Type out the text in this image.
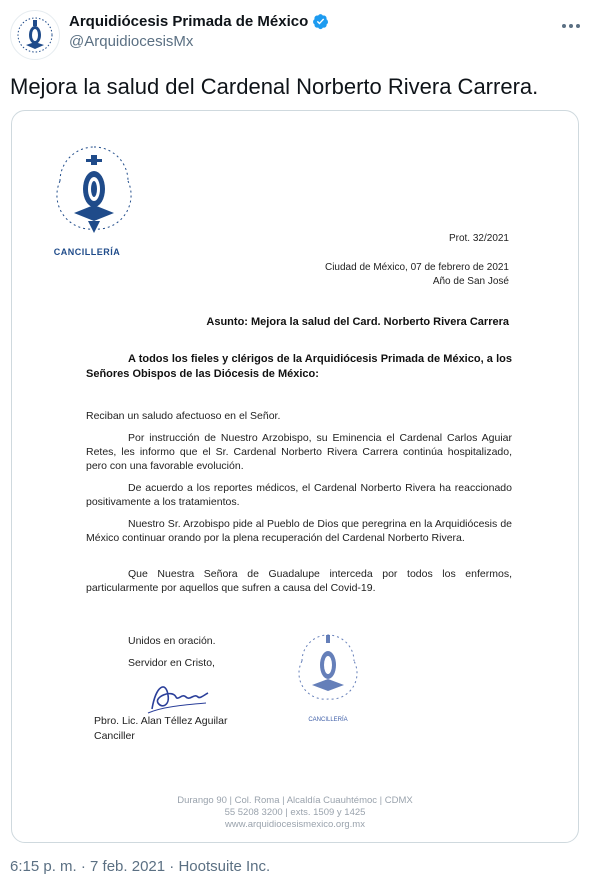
Arquidiócesis Primada de México
@ArquidiocesisMx
Mejora la salud del Cardenal Norberto Rivera Carrera.
CANCILLERÍA
Prot. 32/2021
Ciudad de México, 07 de febrero de 2021
Año de San José
Asunto: Mejora la salud del Card. Norberto Rivera Carrera
A todos los fieles y clérigos de la Arquidiócesis Primada de México, a los Señores Obispos de las Diócesis de México:
Reciban un saludo afectuoso en el Señor.
Por instrucción de Nuestro Arzobispo, su Eminencia el Cardenal Carlos Aguiar Retes, les informo que el Sr. Cardenal Norberto Rivera Carrera continúa hospitalizado, pero con una favorable evolución.
De acuerdo a los reportes médicos, el Cardenal Norberto Rivera ha reaccionado positivamente a los tratamientos.
Nuestro Sr. Arzobispo pide al Pueblo de Dios que peregrina en la Arquidiócesis de México continuar orando por la plena recuperación del Cardenal Norberto Rivera.
Que Nuestra Señora de Guadalupe interceda por todos los enfermos, particularmente por aquellos que sufren a causa del Covid-19.
Unidos en oración.
Servidor en Cristo,
Pbro. Lic. Alan Téllez Aguilar
Canciller
CANCILLERÍA
Durango 90 | Col. Roma | Alcaldía Cuauhtémoc | CDMX
55 5208 3200 | exts. 1509 y 1425
www.arquidiocesismexico.org.mx
6:15 p. m. · 7 feb. 2021 · Hootsuite Inc.
